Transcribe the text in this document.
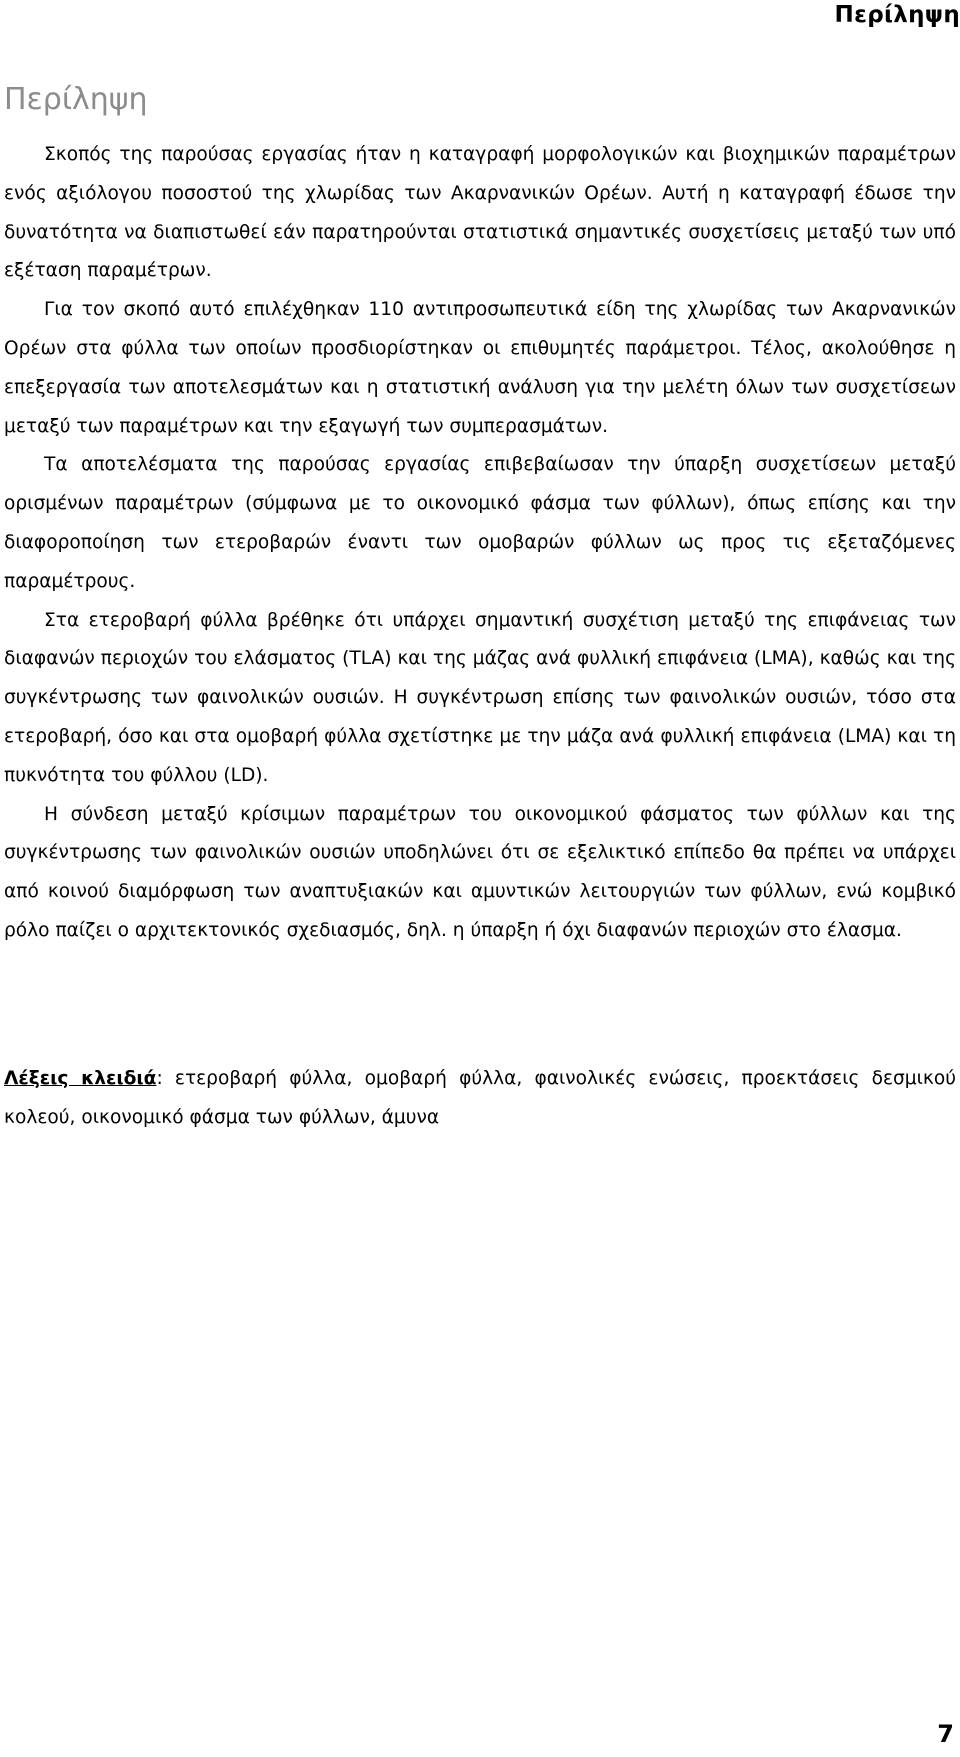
Περίληψη
Περίληψη

Σκοπός της παρούσας εργασίας ήταν η καταγραφή μορφολογικών και βιοχημικών παραμέτρων ενός αξιόλογου ποσοστού της χλωρίδας των Ακαρνανικών Ορέων. Αυτή η καταγραφή έδωσε την δυνατότητα να διαπιστωθεί εάν παρατηρούνται στατιστικά σημαντικές συσχετίσεις μεταξύ των υπό εξέταση παραμέτρων.

Για τον σκοπό αυτό επιλέχθηκαν 110 αντιπροσωπευτικά είδη της χλωρίδας των Ακαρνανικών Ορέων στα φύλλα των οποίων προσδιορίστηκαν οι επιθυμητές παράμετροι. Τέλος, ακολούθησε η επεξεργασία των αποτελεσμάτων και η στατιστική ανάλυση για την μελέτη όλων των συσχετίσεων μεταξύ των παραμέτρων και την εξαγωγή των συμπερασμάτων.

Τα αποτελέσματα της παρούσας εργασίας επιβεβαίωσαν την ύπαρξη συσχετίσεων μεταξύ ορισμένων παραμέτρων (σύμφωνα με το οικονομικό φάσμα των φύλλων), όπως επίσης και την διαφοροποίηση των ετεροβαρών έναντι των ομοβαρών φύλλων ως προς τις εξεταζόμενες παραμέτρους.

Στα ετεροβαρή φύλλα βρέθηκε ότι υπάρχει σημαντική συσχέτιση μεταξύ της επιφάνειας των διαφανών περιοχών του ελάσματος (TLA) και της μάζας ανά φυλλική επιφάνεια (LMA), καθώς και της συγκέντρωσης των φαινολικών ουσιών. Η συγκέντρωση επίσης των φαινολικών ουσιών, τόσο στα ετεροβαρή, όσο και στα ομοβαρή φύλλα σχετίστηκε με την μάζα ανά φυλλική επιφάνεια (LMA) και τη πυκνότητα του φύλλου (LD).

Η σύνδεση μεταξύ κρίσιμων παραμέτρων του οικονομικού φάσματος των φύλλων και της συγκέντρωσης των φαινολικών ουσιών υποδηλώνει ότι σε εξελικτικό επίπεδο θα πρέπει να υπάρχει από κοινού διαμόρφωση των αναπτυξιακών και αμυντικών λειτουργιών των φύλλων, ενώ κομβικό ρόλο παίζει ο αρχιτεκτονικός σχεδιασμός, δηλ. η ύπαρξη ή όχι διαφανών περιοχών στο έλασμα.

Λέξεις κλειδιά: ετεροβαρή φύλλα, ομοβαρή φύλλα, φαινολικές ενώσεις, προεκτάσεις δεσμικού κολεού, οικονομικό φάσμα των φύλλων, άμυνα

7
